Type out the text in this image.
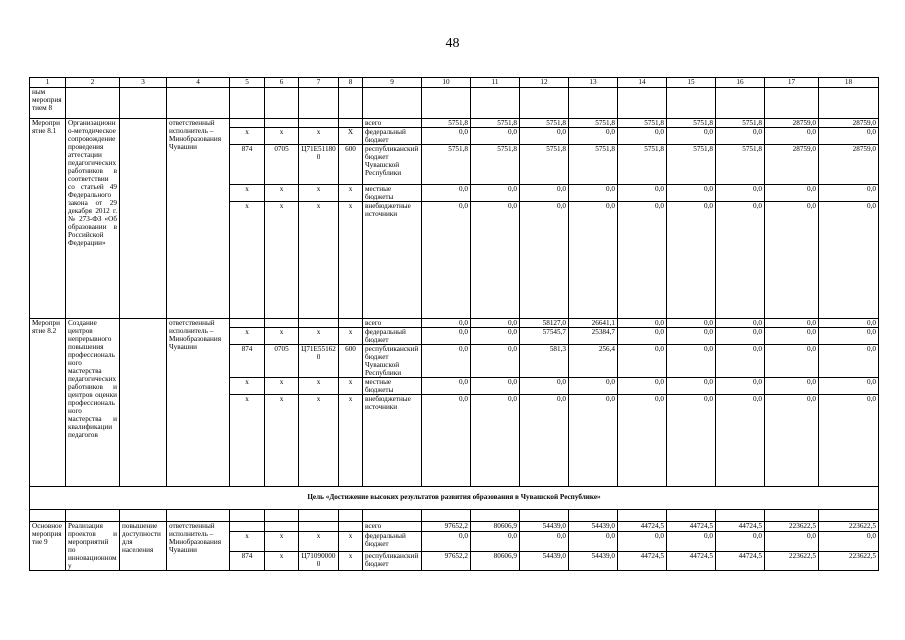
48
1	2	3	4	5	6	7	8	9	10	11	12	13	14	15	16	17	18
ным мероприятием 8																	
Мероприятие 8.1	Организационно-методическое сопровождение проведения аттестации педагогических работников в соответствии со статьей 49 Федерального закона от 29 декабря 2012 г. № 273-ФЗ «Об образовании в Российской Федерации»		ответственный исполнитель – Минобразования Чувашии					всего	5751,8	5751,8	5751,8	5751,8	5751,8	5751,8	5751,8	28759,0	28759,0
				x	x	x	X	федеральный бюджет	0,0	0,0	0,0	0,0	0,0	0,0	0,0	0,0	0,0
				874	0705	Ц71Е511800	600	республиканский бюджет Чувашской Республики	5751,8	5751,8	5751,8	5751,8	5751,8	5751,8	5751,8	28759,0	28759,0
				x	x	x	x	местные бюджеты	0,0	0,0	0,0	0,0	0,0	0,0	0,0	0,0	0,0
				x	x	x	x	внебюджетные источники	0,0	0,0	0,0	0,0	0,0	0,0	0,0	0,0	0,0
Мероприятие 8.2	Создание центров непрерывного повышения профессионального мастерства педагогических работников и центров оценки профессионального мастерства и квалификации педагогов		ответственный исполнитель – Минобразования Чувашии					всего	0,0	0,0	58127,0	26641,1	0,0	0,0	0,0	0,0	0,0
				x	x	x	x	федеральный бюджет	0,0	0,0	57545,7	25384,7	0,0	0,0	0,0	0,0	0,0
				874	0705	Ц71Е551620	600	республиканский бюджет Чувашской Республики	0,0	0,0	581,3	256,4	0,0	0,0	0,0	0,0	0,0
				x	x	x	x	местные бюджеты	0,0	0,0	0,0	0,0	0,0	0,0	0,0	0,0	0,0
				x	x	x	x	внебюджетные источники	0,0	0,0	0,0	0,0	0,0	0,0	0,0	0,0	0,0
Цель «Достижение высоких результатов развития образования в Чувашской Республике»																	

Основное мероприятие 9	Реализация проектов и мероприятий по инновационному	повышение доступности для населения	ответственный исполнитель – Минобразования Чувашии					всего	97652,2	80606,9	54439,0	54439,0	44724,5	44724,5	44724,5	223622,5	223622,5
				x	x	x	x	федеральный бюджет	0,0	0,0	0,0	0,0	0,0	0,0	0,0	0,0	0,0
				874	x	Ц710900000	x	республиканский бюджет	97652,2	80606,9	54439,0	54439,0	44724,5	44724,5	44724,5	223622,5	223622,5
